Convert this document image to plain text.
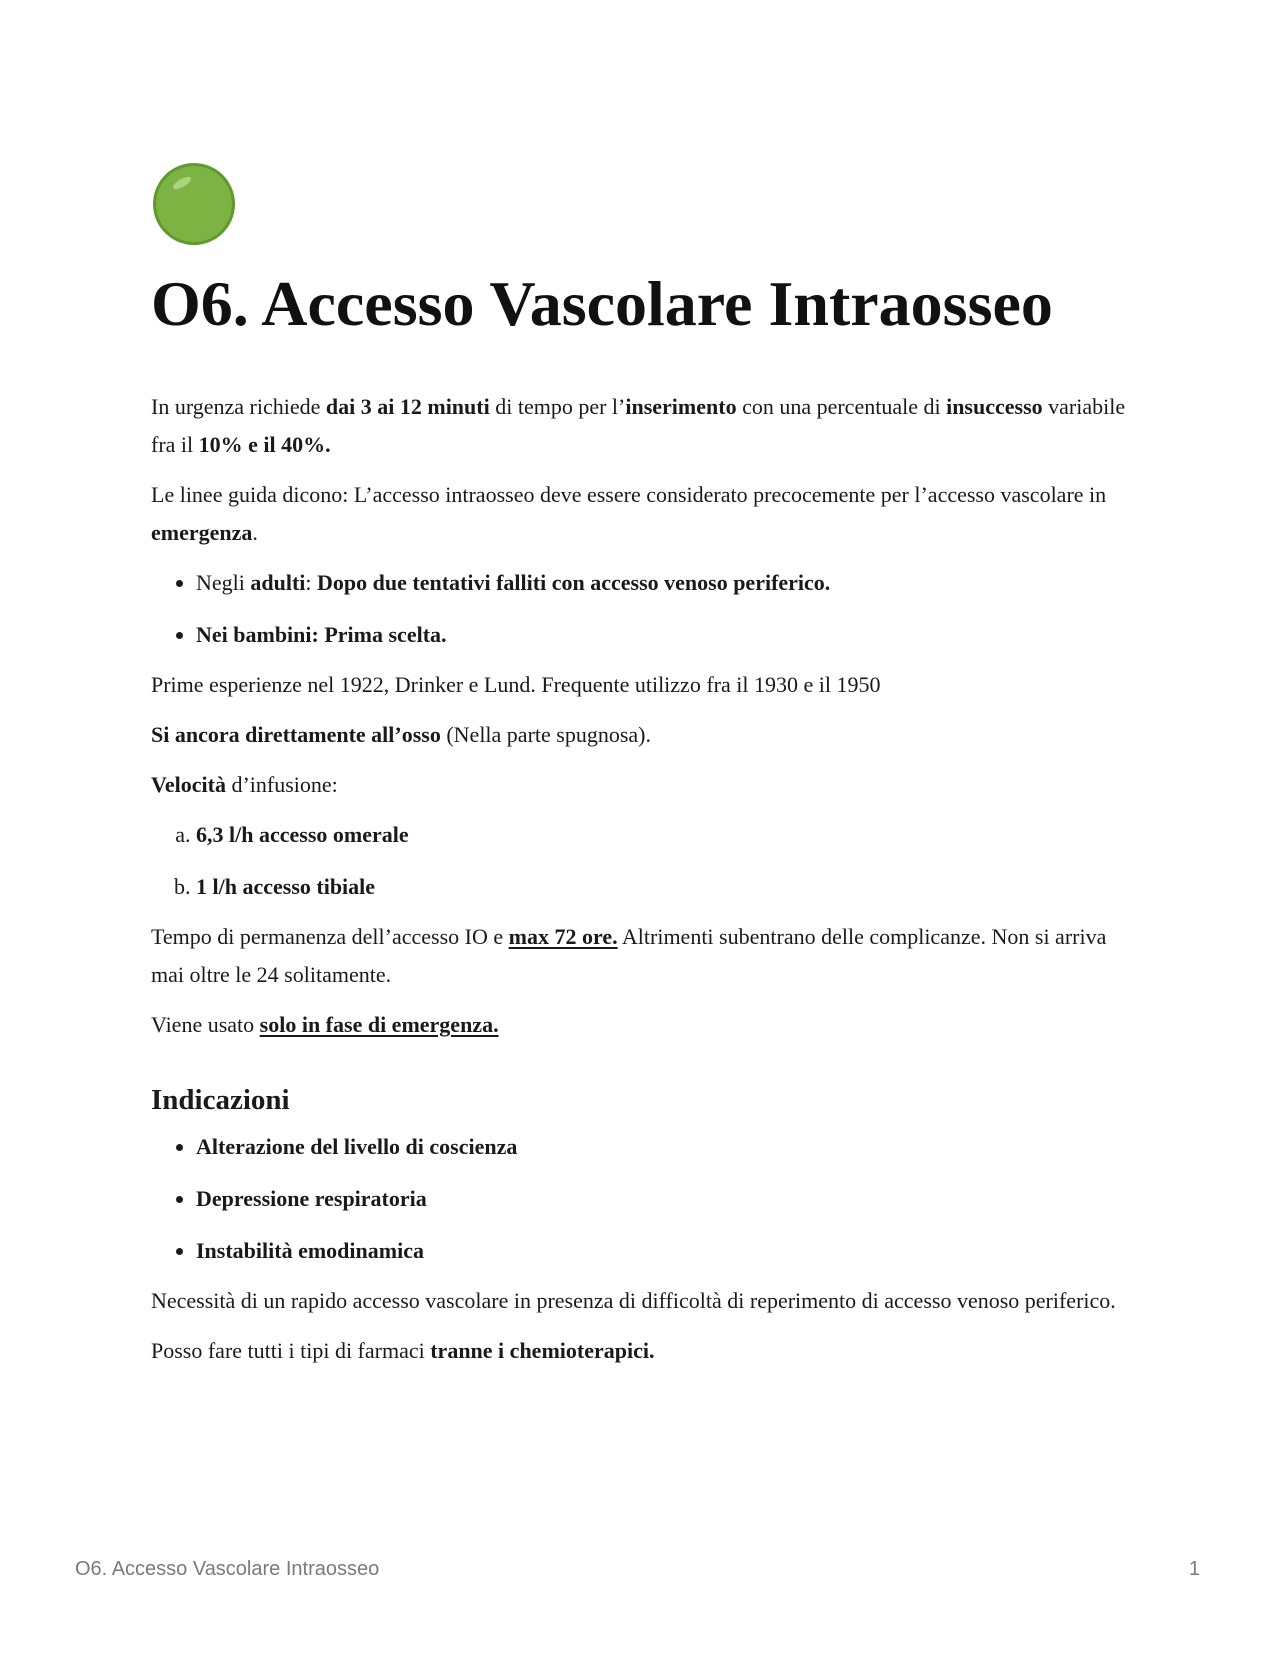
O6. Accesso Vascolare Intraosseo

In urgenza richiede dai 3 ai 12 minuti di tempo per l’inserimento con una percentuale di insuccesso variabile fra il 10% e il 40%.

Le linee guida dicono: L’accesso intraosseo deve essere considerato precocemente per l’accesso vascolare in emergenza.

• Negli adulti: Dopo due tentativi falliti con accesso venoso periferico.
• Nei bambini: Prima scelta.

Prime esperienze nel 1922, Drinker e Lund. Frequente utilizzo fra il 1930 e il 1950

Si ancora direttamente all’osso (Nella parte spugnosa).

Velocità d’infusione:

a. 6,3 l/h accesso omerale
b. 1 l/h accesso tibiale

Tempo di permanenza dell’accesso IO e max 72 ore. Altrimenti subentrano delle complicanze. Non si arriva mai oltre le 24 solitamente.

Viene usato solo in fase di emergenza.

Indicazioni
• Alterazione del livello di coscienza
• Depressione respiratoria
• Instabilità emodinamica

Necessità di un rapido accesso vascolare in presenza di difficoltà di reperimento di accesso venoso periferico.

Posso fare tutti i tipi di farmaci tranne i chemioterapici.

O6. Accesso Vascolare Intraosseo	1
